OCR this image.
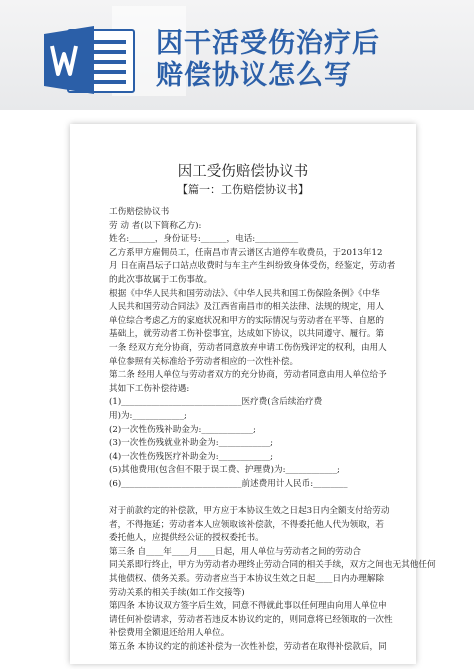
因干活受伤治疗后
赔偿协议怎么写
因工受伤赔偿协议书
【篇一：工伤赔偿协议书】
工伤赔偿协议书
劳 动 者(以下简称乙方):
姓名:______，身份证号:______，电话:__________
乙方系甲方雇佣员工，任南昌市青云谱区古道停车收费员，于2013年12
月 日在南昌坛子口站点收费时与车主产生纠纷致身体受伤，经鉴定，劳动者
的此次事故属于工伤事故。
根据《中华人民共和国劳动法》、《中华人民共和国工伤保险条例》《中华
人民共和国劳动合同法》及江西省南昌市的相关法律、法规的规定，用人
单位综合考虑乙方的家庭状况和甲方的实际情况与劳动者在平等、自愿的
基础上，就劳动者工伤补偿事宜，达成如下协议，以共同遵守、履行。第
一条 经双方充分协商，劳动者同意放弃申请工伤伤残评定的权利，由用人
单位参照有关标准给予劳动者相应的一次性补偿。
第二条 经用人单位与劳动者双方的充分协商，劳动者同意由用人单位给予
其如下工伤补偿待遇:
(1)____________________________医疗费(含后续治疗费
用)为:____________;
(2)一次性伤残补助金为:____________;
(3)一次性伤残就业补助金为:____________;
(4)一次性伤残医疗补助金为:____________;
(5)其他费用(包含但不限于误工费、护理费)为:____________;
(6)____________________________前述费用计人民币:________
对于前款约定的补偿款，甲方应于本协议生效之日起3日内全额支付给劳动
者，不得拖延；劳动者本人应领取该补偿款，不得委托他人代为领取，若
委托他人，应提供经公证的授权委托书。
第三条 自____年____月____日起，用人单位与劳动者之间的劳动合
同关系即行终止，甲方为劳动者办理终止劳动合同的相关手续，双方之间也无其他任何
其他债权、债务关系。劳动者应当于本协议生效之日起____日内办理解除
劳动关系的相关手续(如工作交接等)
第四条 本协议双方签字后生效，同意不得就此事以任何理由向用人单位申
请任何补偿请求，劳动者若违反本协议约定的，则同意将已经领取的一次性
补偿费用全额退还给用人单位。
第五条 本协议约定的前述补偿为一次性补偿，劳动者在取得补偿款后，同
